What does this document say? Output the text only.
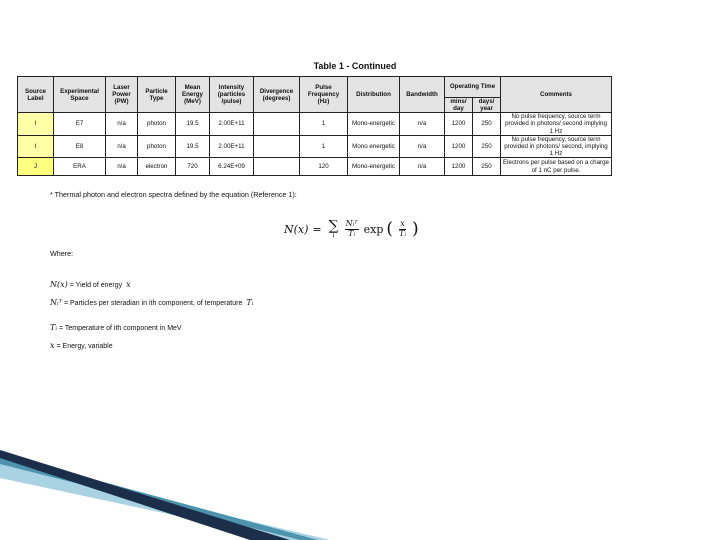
Table 1 - Continued
Source Label	Experimental Space	Laser Power (PW)	Particle Type	Mean Energy (MeV)	Intensity (particles /pulse)	Divergence (degrees)	Pulse Frequency (Hz)	Distribution	Bandwidth	Operating Time		Comments
										mins/ day	days/ year	
I	E7	n/a	photon	19.5	2.00E+11		1	Mono-energetic	n/a	1200	250	No pulse frequency, source term provided in photons/ second implying 1 Hz
I	E8	n/a	photon	19.5	2.00E+11		1	Mono energetic	n/a	1200	250	No pulse frequency, source term provided in photons/ second, implying 1 Hz
J	ERA	n/a	electron	720	6.24E+09		120	Mono-energetic	n/a	1200	250	Electrons per pulse based on a charge of 1 nC per pulse.
* Thermal photon and electron spectra defined by the equation (Reference 1):
N(x) = ∑
i $\frac{\text{Nᵢᵀ}}{\text{Tᵢ}}$ exp ( $\frac{x}{\text{Tᵢ}}$ )
Where:
N(x) = Yield of energy x
Nᵢᵀ = Particles per steradian in ith component, of temperature Tᵢ
Tᵢ = Temperature of ith component in MeV
x = Energy, variable
